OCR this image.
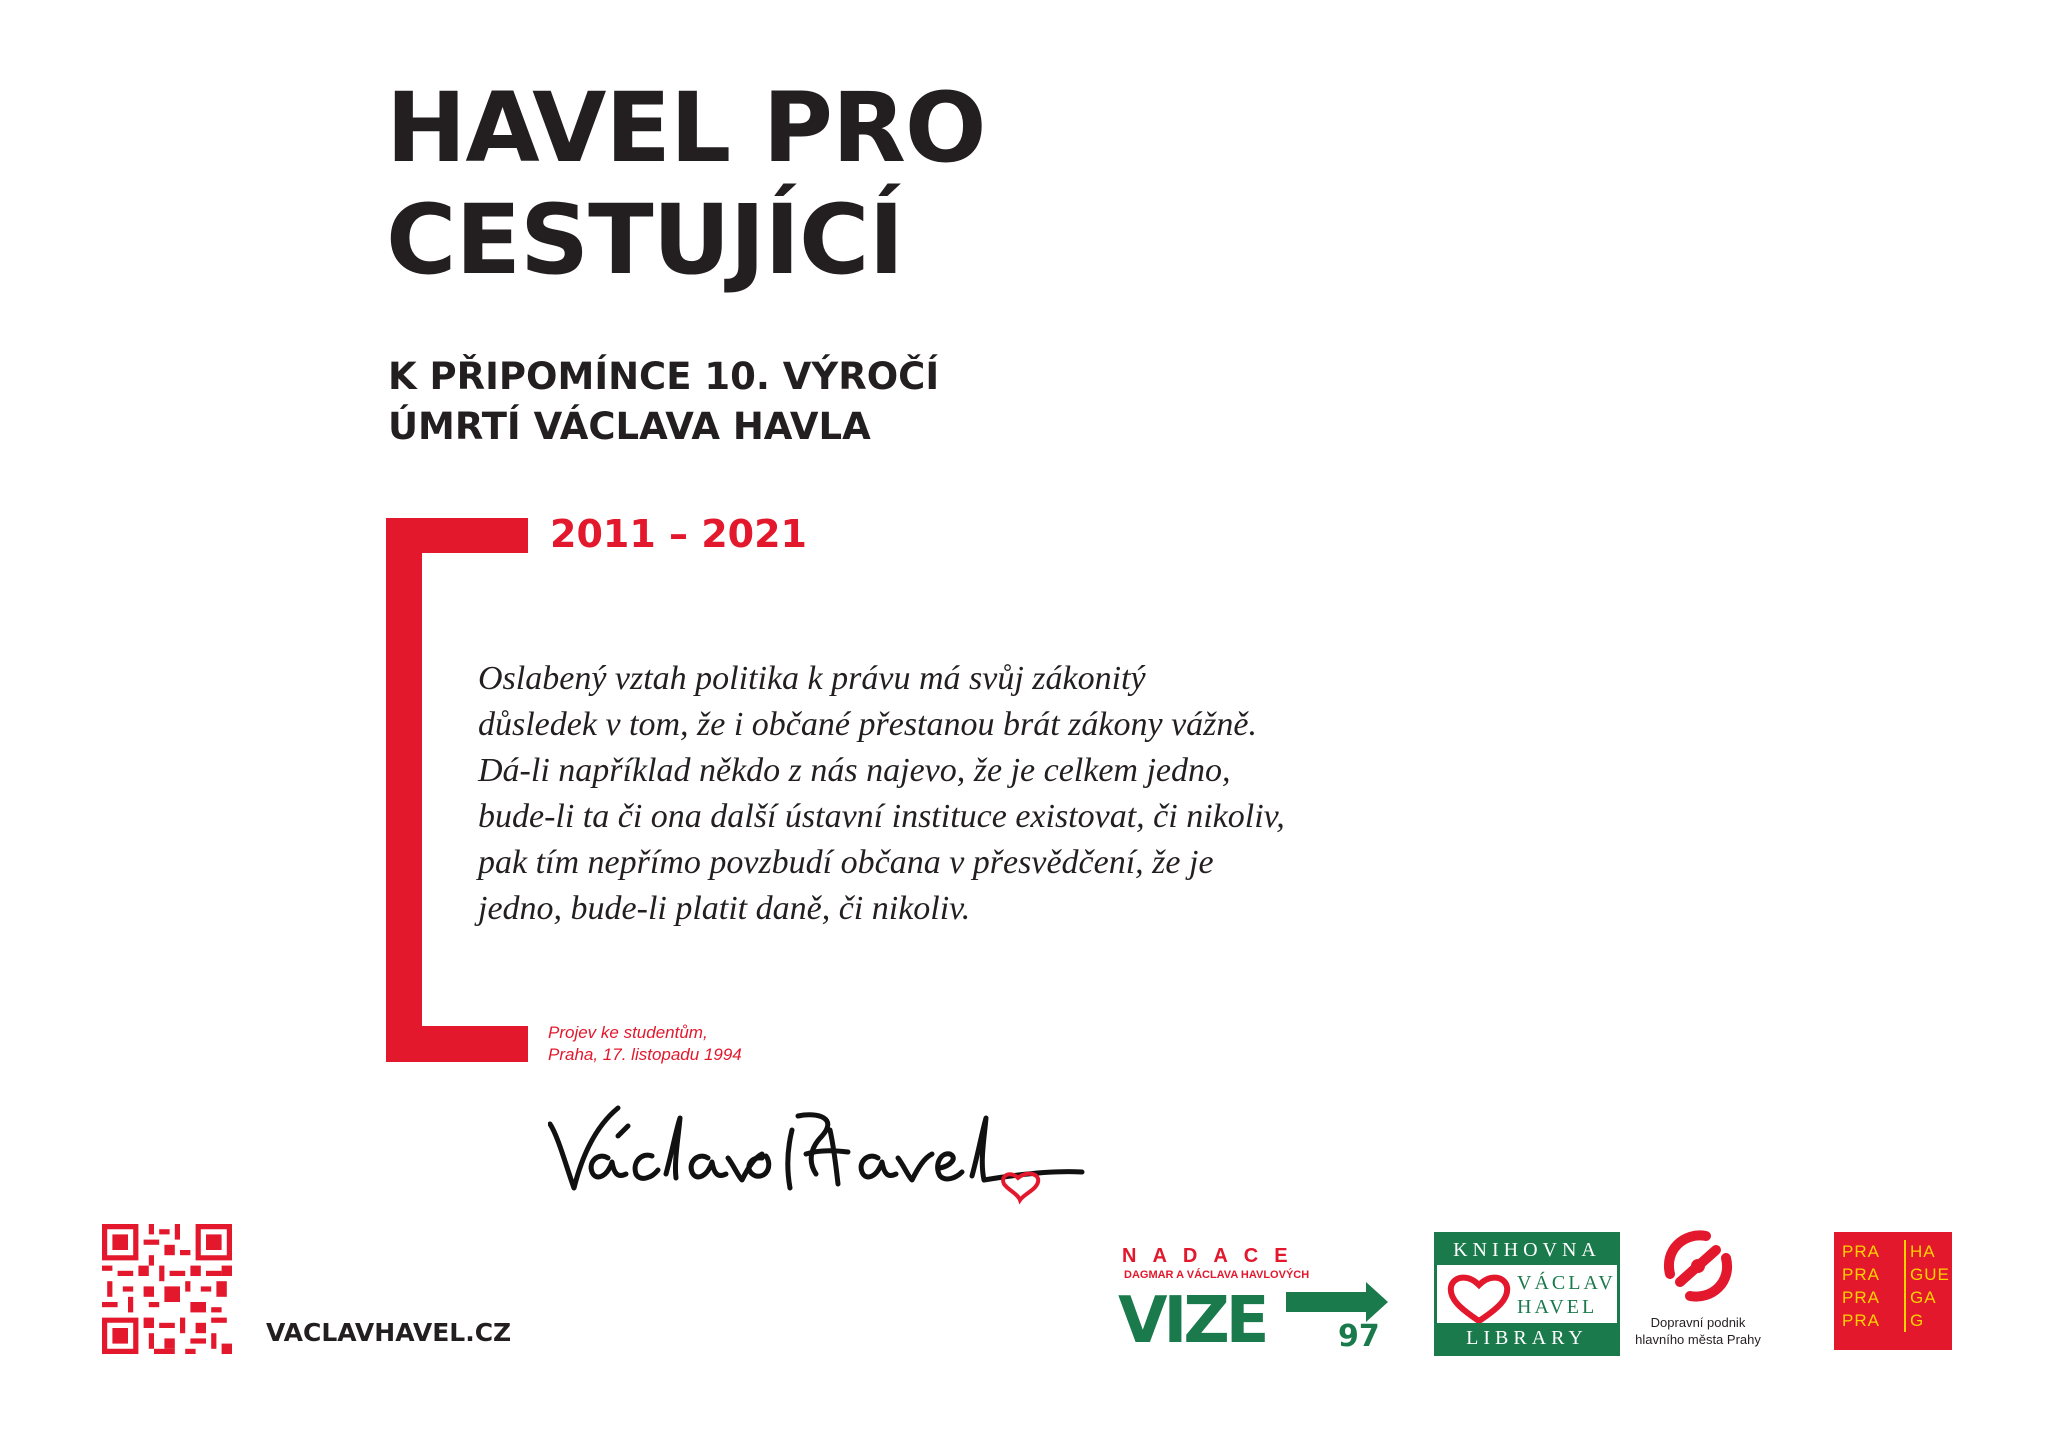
HAVEL PRO
CESTUJÍCÍ
K PŘIPOMÍNCE 10. VÝROČÍ
ÚMRTÍ VÁCLAVA HAVLA
2011 – 2021
Oslabený vztah politika k právu má svůj zákonitý
důsledek v tom, že i občané přestanou brát zákony vážně.
Dá-li například někdo z nás najevo, že je celkem jedno,
bude-li ta či ona další ústavní instituce existovat, či nikoliv,
pak tím nepřímo povzbudí občana v přesvědčení, že je
jedno, bude-li platit daně, či nikoliv.
Projev ke studentům,
Praha, 17. listopadu 1994
VACLAVHAVEL.CZ
NADACE
DAGMAR A VÁCLAVA HAVLOVÝCH
VIZE 97
KNIHOVNA
VÁCLAV
HAVEL
LIBRARY
Dopravní podnik
hlavního města Prahy
PRA	HA
PRA	GUE
PRA	GA
PRA	G
